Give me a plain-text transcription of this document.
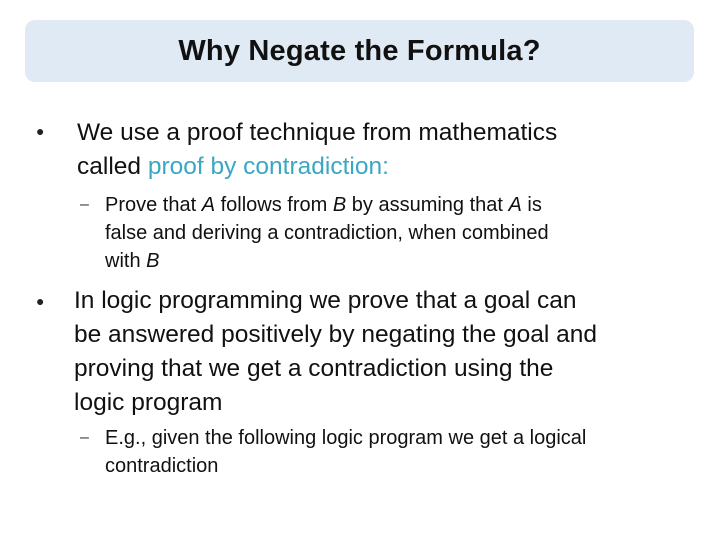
Why Negate the Formula?
● We use a proof technique from mathematics
called proof by contradiction:
– Prove that A follows from B by assuming that A is
false and deriving a contradiction, when combined
with B
● In logic programming we prove that a goal can
be answered positively by negating the goal and
proving that we get a contradiction using the
logic program
– E.g., given the following logic program we get a logical
contradiction
